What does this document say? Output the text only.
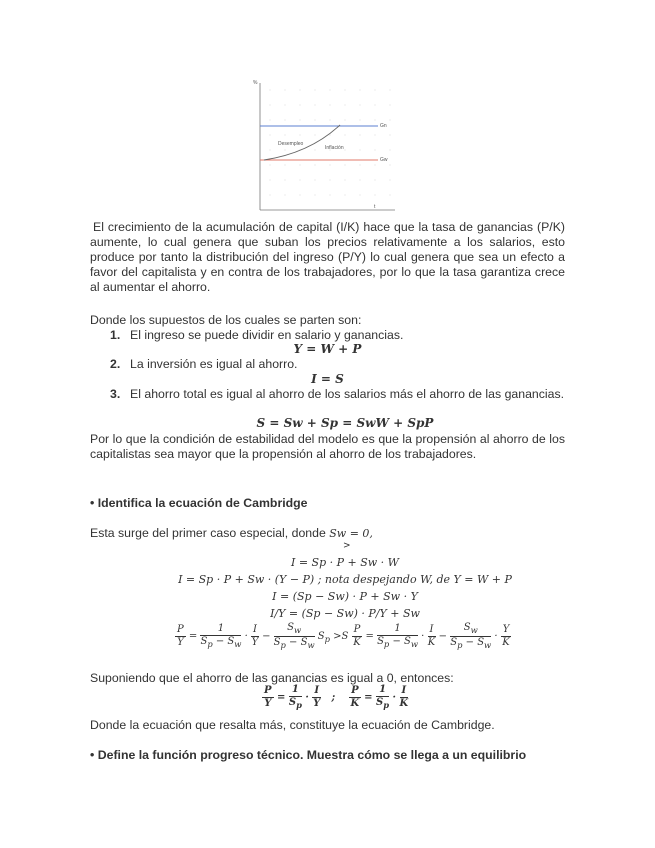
%
t
Gn
Gw
Desempleo
Inflación
El crecimiento de la acumulación de capital (I/K) hace que la tasa de ganancias (P/K) aumente, lo cual genera que suban los precios relativamente a los salarios, esto produce por tanto la distribución del ingreso (P/Y) lo cual genera que sea un efecto a favor del capitalista y en contra de los trabajadores, por lo que la tasa garantiza crece al aumentar el ahorro.
Donde los supuestos de los cuales se parten son:
1. El ingreso se puede dividir en salario y ganancias.
Y = W + P
2. La inversión es igual al ahorro.
I = S
3. El ahorro total es igual al ahorro de los salarios más el ahorro de las ganancias.
S = Sw + Sp = SwW + SpP
Por lo que la condición de estabilidad del modelo es que la propensión al ahorro de los capitalistas sea mayor que la propensión al ahorro de los trabajadores.
• Identifica la ecuación de Cambridge
Esta surge del primer caso especial, donde Sw = 0,
>
I = Sp · P + Sw · W
I = Sp · P + Sw · (Y − P) ; nota despejando W, de Y = W + P
I = (Sp − Sw) · P + Sw · Y
I/Y = (Sp − Sw) · P/Y + Sw
$\frac{P}{Y} = \frac{1}{S_p - S_w} \cdot \frac{I}{Y} - \frac{S_w}{S_p - S_w} S_p >S \frac{P}{K} = \frac{1}{S_p - S_w} \cdot \frac{I}{K} - \frac{S_w}{S_p - S_w} \cdot \frac{Y}{K}$
Suponiendo que el ahorro de las ganancias es igual a 0, entonces:
$\frac{P}{Y} = \frac{1}{S_p} \cdot \frac{I}{Y}$ ; $\frac{P}{K} = \frac{1}{S_p} \cdot \frac{I}{K}$
Donde la ecuación que resalta más, constituye la ecuación de Cambridge.
• Define la función progreso técnico. Muestra cómo se llega a un equilibrio
